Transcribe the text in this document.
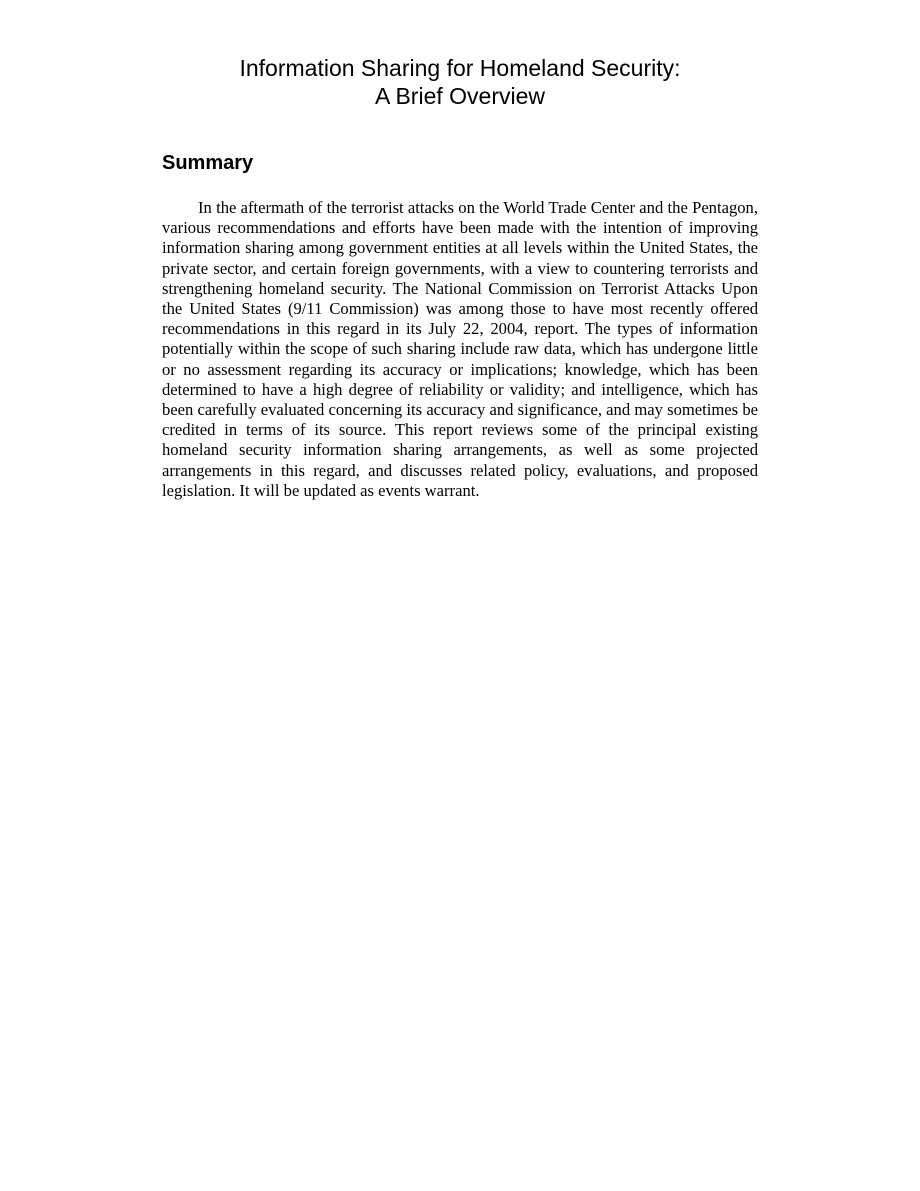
Information Sharing for Homeland Security:
A Brief Overview
Summary

In the aftermath of the terrorist attacks on the World Trade Center and the Pentagon, various recommendations and efforts have been made with the intention of improving information sharing among government entities at all levels within the United States, the private sector, and certain foreign governments, with a view to countering terrorists and strengthening homeland security. The National Commission on Terrorist Attacks Upon the United States (9/11 Commission) was among those to have most recently offered recommendations in this regard in its July 22, 2004, report. The types of information potentially within the scope of such sharing include raw data, which has undergone little or no assessment regarding its accuracy or implications; knowledge, which has been determined to have a high degree of reliability or validity; and intelligence, which has been carefully evaluated concerning its accuracy and significance, and may sometimes be credited in terms of its source. This report reviews some of the principal existing homeland security information sharing arrangements, as well as some projected arrangements in this regard, and discusses related policy, evaluations, and proposed legislation. It will be updated as events warrant.
